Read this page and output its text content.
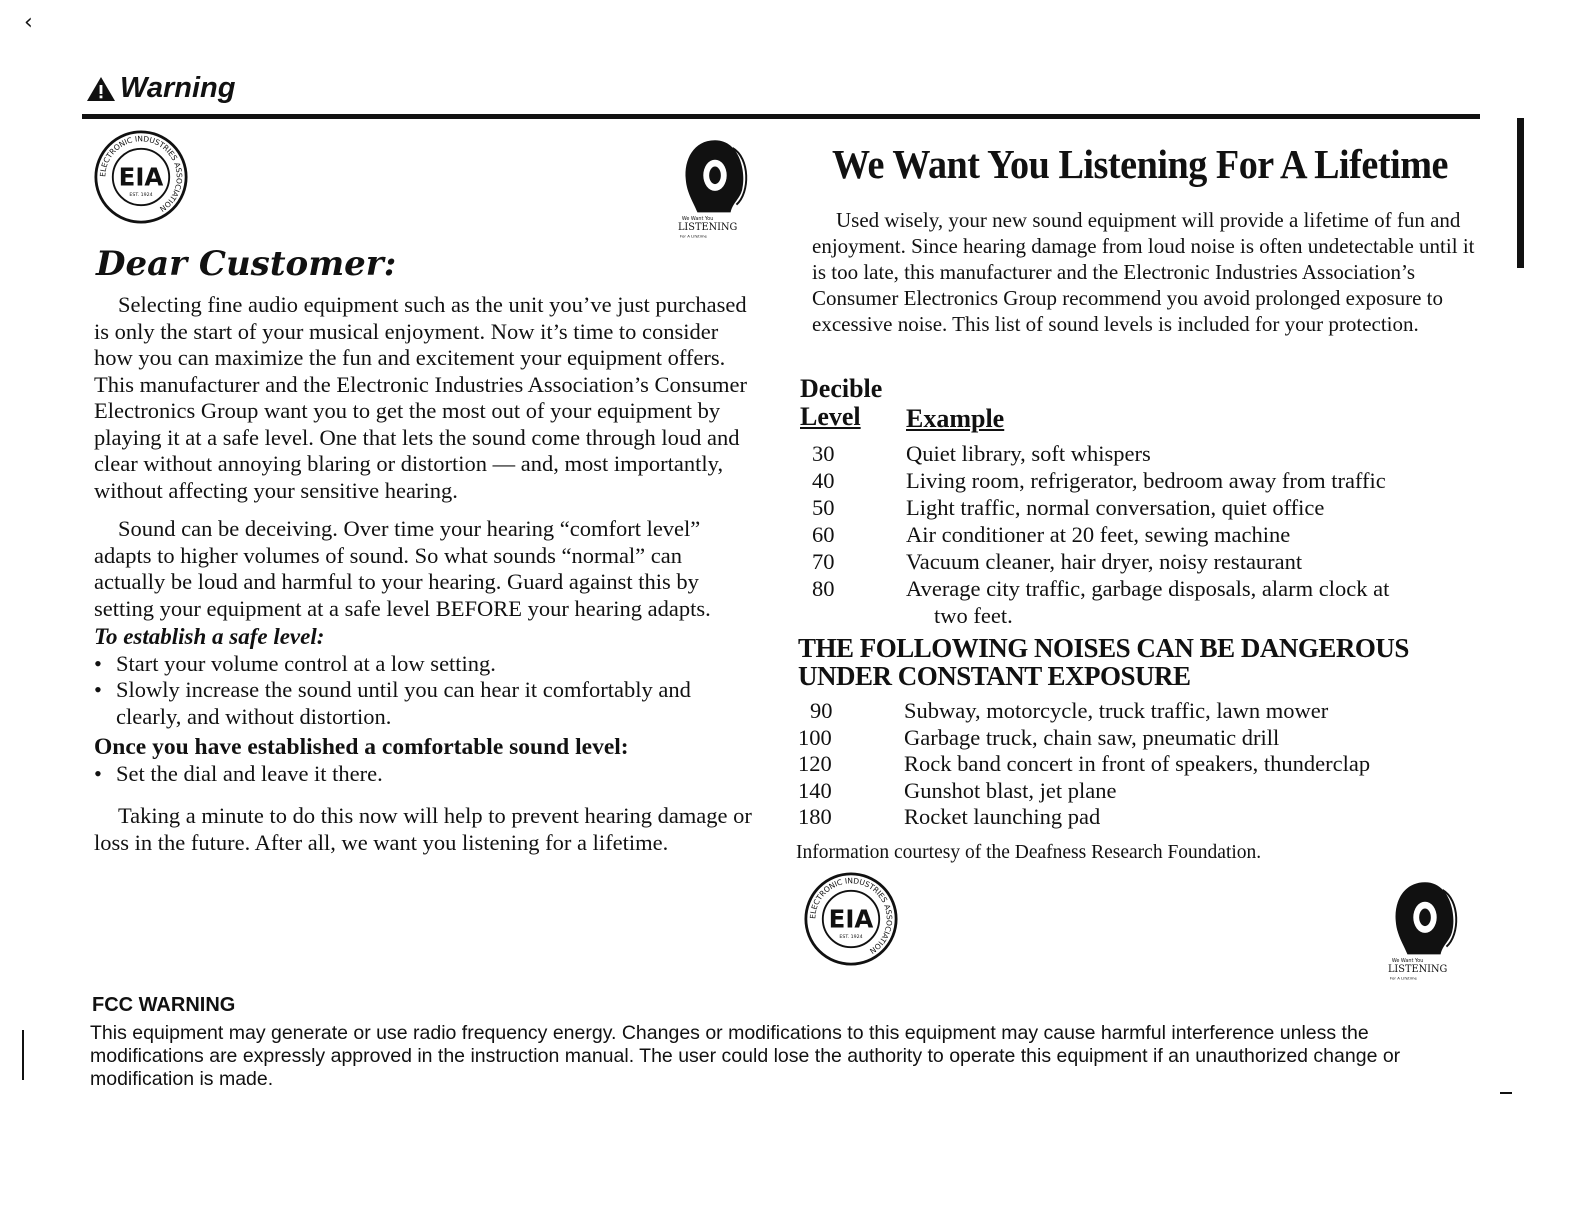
‹
Warning
ELECTRONIC INDUSTRIES ASSOCIATION
EIA
EST. 1924
We Want You
LISTENING
For A Lifetime
Dear Customer:

Selecting fine audio equipment such as the unit you’ve just purchased is only the start of your musical enjoyment. Now it’s time to consider how you can maximize the fun and excitement your equipment offers. This manufacturer and the Electronic Industries Association’s Consumer Electronics Group want you to get the most out of your equipment by playing it at a safe level. One that lets the sound come through loud and clear without annoying blaring or distortion — and, most importantly, without affecting your sensitive hearing.

Sound can be deceiving. Over time your hearing “comfort level” adapts to higher volumes of sound. So what sounds “normal” can actually be loud and harmful to your hearing. Guard against this by setting your equipment at a safe level BEFORE your hearing adapts.

To establish a safe level:
• Start your volume control at a low setting.
• Slowly increase the sound until you can hear it comfortably and clearly, and without distortion.
Once you have established a comfortable sound level:
• Set the dial and leave it there.

Taking a minute to do this now will help to prevent hearing damage or loss in the future. After all, we want you listening for a lifetime.

We Want You Listening For A Lifetime

Used wisely, your new sound equipment will provide a lifetime of fun and enjoyment. Since hearing damage from loud noise is often undetectable until it is too late, this manufacturer and the Electronic Industries Association’s Consumer Electronics Group recommend you avoid prolonged exposure to excessive noise. This list of sound levels is included for your protection.

Decible
Level Example
30	Quiet library, soft whispers
40	Living room, refrigerator, bedroom away from traffic
50	Light traffic, normal conversation, quiet office
60	Air conditioner at 20 feet, sewing machine
70	Vacuum cleaner, hair dryer, noisy restaurant
80	Average city traffic, garbage disposals, alarm clock at
two feet.
THE FOLLOWING NOISES CAN BE DANGEROUS UNDER CONSTANT EXPOSURE
90	Subway, motorcycle, truck traffic, lawn mower
100	Garbage truck, chain saw, pneumatic drill
120	Rock band concert in front of speakers, thunderclap
140	Gunshot blast, jet plane
180	Rocket launching pad
Information courtesy of the Deafness Research Foundation.
ELECTRONIC INDUSTRIES ASSOCIATION
EIA
EST. 1924
We Want You
LISTENING
For A Lifetime
FCC WARNING
This equipment may generate or use radio frequency energy. Changes or modifications to this equipment may cause harmful interference unless the modifications are expressly approved in the instruction manual. The user could lose the authority to operate this equipment if an unauthorized change or modification is made.
